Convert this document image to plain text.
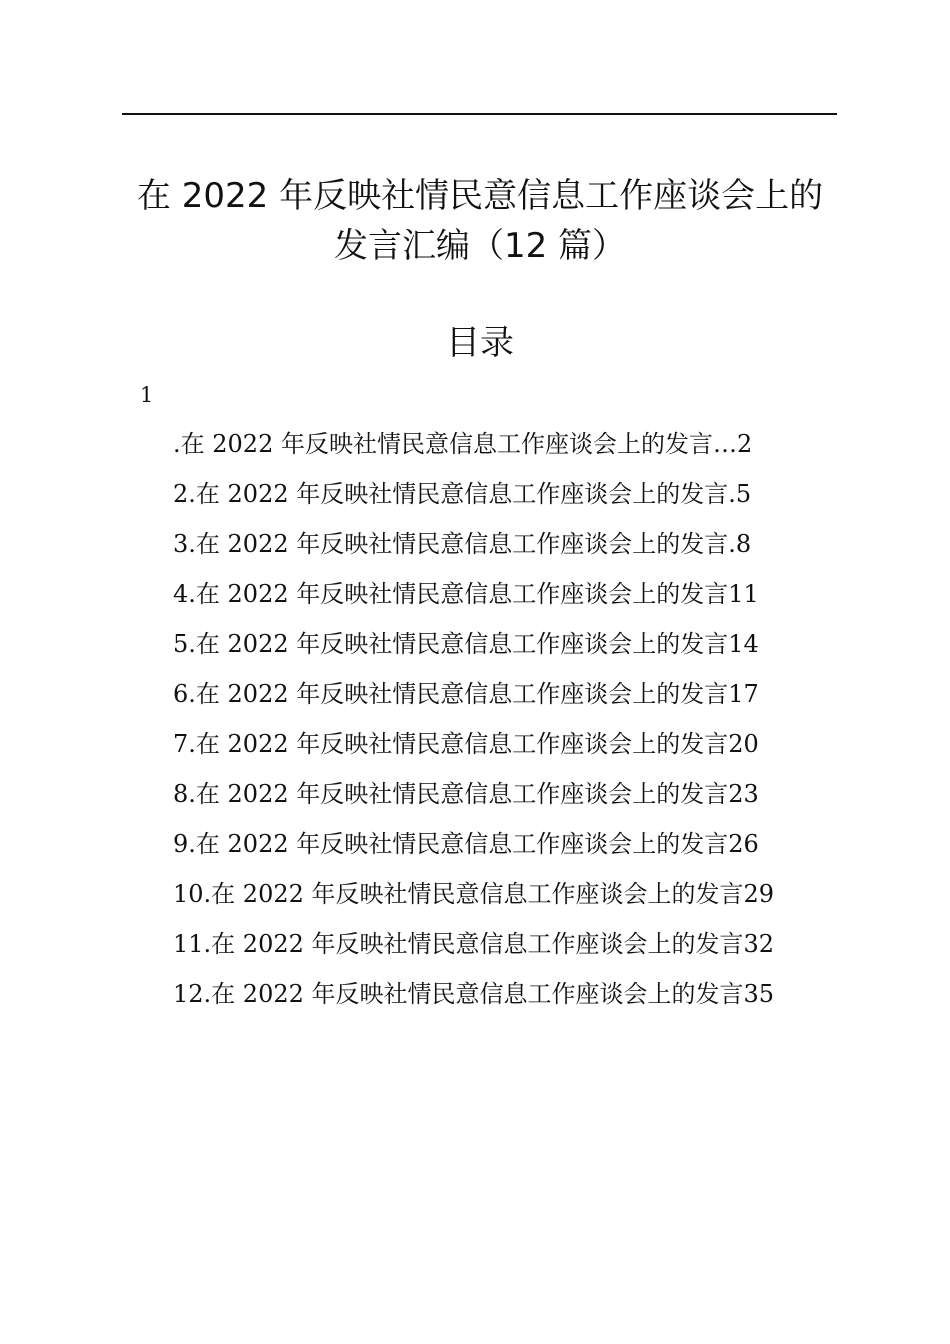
在 2022 年反映社情民意信息工作座谈会上的
发言汇编（12 篇）
目录
1
.在 2022 年反映社情民意信息工作座谈会上的发言…2
2.在 2022 年反映社情民意信息工作座谈会上的发言.5
3.在 2022 年反映社情民意信息工作座谈会上的发言.8
4.在 2022 年反映社情民意信息工作座谈会上的发言11
5.在 2022 年反映社情民意信息工作座谈会上的发言14
6.在 2022 年反映社情民意信息工作座谈会上的发言17
7.在 2022 年反映社情民意信息工作座谈会上的发言20
8.在 2022 年反映社情民意信息工作座谈会上的发言23
9.在 2022 年反映社情民意信息工作座谈会上的发言26
10.在 2022 年反映社情民意信息工作座谈会上的发言29
11.在 2022 年反映社情民意信息工作座谈会上的发言32
12.在 2022 年反映社情民意信息工作座谈会上的发言35
